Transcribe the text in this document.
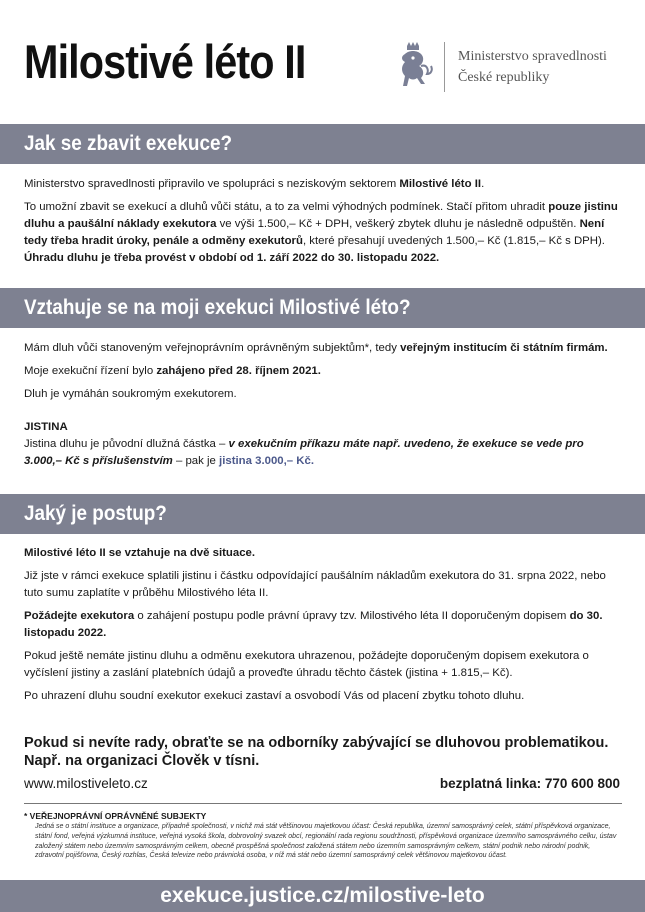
Milostivé léto II	Ministerstvo spravedlnosti
České republiky
Jak se zbavit exekuce?

Ministerstvo spravedlnosti připravilo ve spolupráci s neziskovým sektorem Milostivé léto II.

To umožní zbavit se exekucí a dluhů vůči státu, a to za velmi výhodných podmínek. Stačí přitom uhradit pouze jistinu dluhu a paušální náklady exekutora ve výši 1.500,– Kč + DPH, veškerý zbytek dluhu je následně odpuštěn. Není tedy třeba hradit úroky, penále a odměny exekutorů, které přesahují uvedených 1.500,– Kč (1.815,– Kč s DPH). Úhradu dluhu je třeba provést v období od 1. září 2022 do 30. listopadu 2022.

Vztahuje se na moji exekuci Milostivé léto?

Mám dluh vůči stanoveným veřejnoprávním oprávněným subjektům*, tedy veřejným institucím či státním firmám.

Moje exekuční řízení bylo zahájeno před 28. říjnem 2021.

Dluh je vymáhán soukromým exekutorem.

JISTINA

Jistina dluhu je původní dlužná částka – v exekučním příkazu máte např. uvedeno, že exekuce se vede pro 3.000,– Kč s příslušenstvím – pak je jistina 3.000,– Kč.

Jaký je postup?

Milostivé léto II se vztahuje na dvě situace.

Již jste v rámci exekuce splatili jistinu i částku odpovídající paušálním nákladům exekutora do 31. srpna 2022, nebo tuto sumu zaplatíte v průběhu Milostivého léta II.

Požádejte exekutora o zahájení postupu podle právní úpravy tzv. Milostivého léta II doporučeným dopisem do 30. listopadu 2022.

Pokud ještě nemáte jistinu dluhu a odměnu exekutora uhrazenou, požádejte doporučeným dopisem exekutora o vyčíslení jistiny a zaslání platebních údajů a proveďte úhradu těchto částek (jistina + 1.815,– Kč).

Po uhrazení dluhu soudní exekutor exekuci zastaví a osvobodí Vás od placení zbytku tohoto dluhu.

Pokud si nevíte rady, obraťte se na odborníky zabývající se dluhovou problematikou.
Např. na organizaci Člověk v tísni.
www.milostiveleto.cz	bezplatná linka: 770 600 800
* VEŘEJNOPRÁVNÍ OPRÁVNĚNÉ SUBJEKTY
Jedná se o státní instituce a organizace, případně společnosti, v nichž má stát většinovou majetkovou účast: Česká republika, územní samosprávný celek, státní příspěvková organizace, státní fond, veřejná výzkumná instituce, veřejná vysoká škola, dobrovolný svazek obcí, regionální rada regionu soudržnosti, příspěvková organizace územního samosprávného celku, ústav založený státem nebo územním samosprávným celkem, obecně prospěšná společnost založená státem nebo územním samosprávným celkem, státní podnik nebo národní podnik, zdravotní pojišťovna, Český rozhlas, Česká televize nebo právnická osoba, v níž má stát nebo územní samosprávný celek většinovou majetkovou účast.
exekuce.justice.cz/milostive-leto
